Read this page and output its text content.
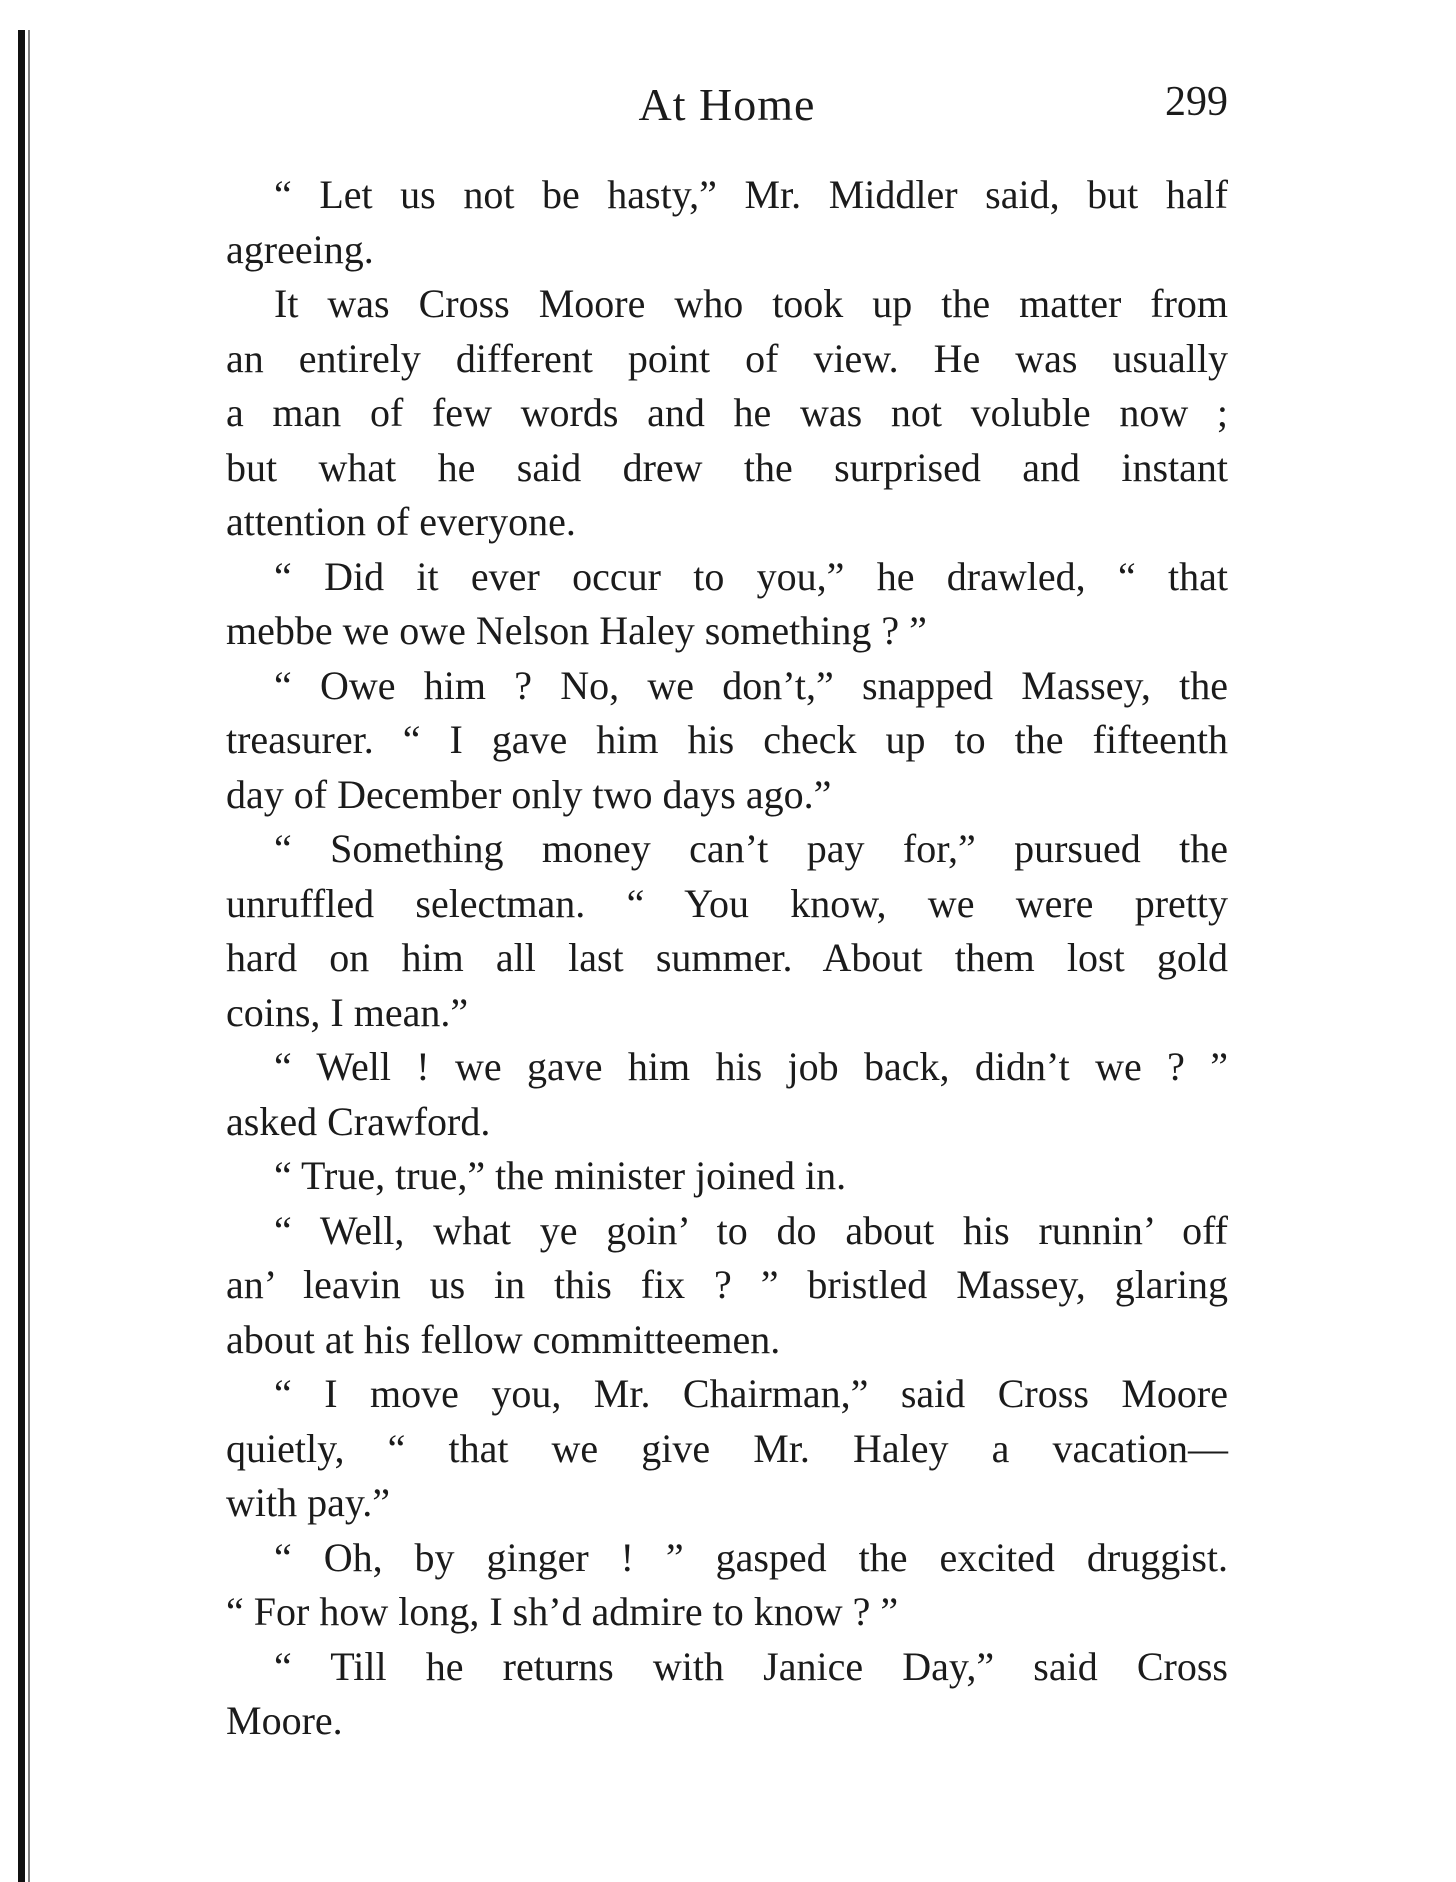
At Home	299
“ Let us not be hasty,” Mr. Middler said, but half
agreeing.
It was Cross Moore who took up the matter from
an entirely different point of view. He was usually
a man of few words and he was not voluble now ;
but what he said drew the surprised and instant
attention of everyone.
“ Did it ever occur to you,” he drawled, “ that
mebbe we owe Nelson Haley something ? ”
“ Owe him ? No, we don’t,” snapped Massey, the
treasurer. “ I gave him his check up to the fifteenth
day of December only two days ago.”
“ Something money can’t pay for,” pursued the
unruffled selectman. “ You know, we were pretty
hard on him all last summer. About them lost gold
coins, I mean.”
“ Well ! we gave him his job back, didn’t we ? ”
asked Crawford.
“ True, true,” the minister joined in.
“ Well, what ye goin’ to do about his runnin’ off
an’ leavin us in this fix ? ” bristled Massey, glaring
about at his fellow committeemen.
“ I move you, Mr. Chairman,” said Cross Moore
quietly, “ that we give Mr. Haley a vacation—
with pay.”
“ Oh, by ginger ! ” gasped the excited druggist.
“ For how long, I sh’d admire to know ? ”
“ Till he returns with Janice Day,” said Cross
Moore.
